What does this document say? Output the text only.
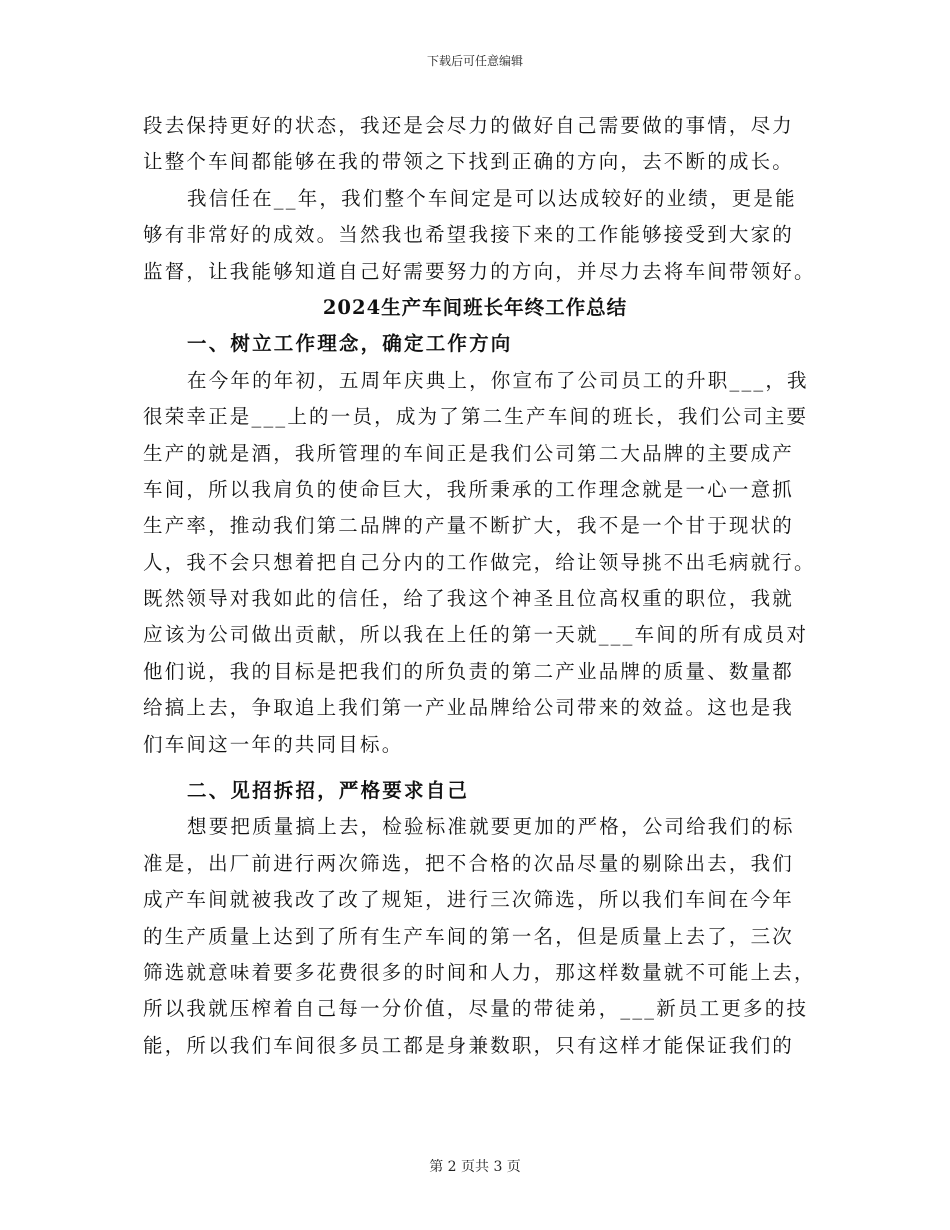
下载后可任意编辑
段去保持更好的状态，我还是会尽力的做好自己需要做的事情，尽力
让整个车间都能够在我的带领之下找到正确的方向，去不断的成长。
我信任在__年，我们整个车间定是可以达成较好的业绩，更是能
够有非常好的成效。当然我也希望我接下来的工作能够接受到大家的
监督，让我能够知道自己好需要努力的方向，并尽力去将车间带领好。
2024生产车间班长年终工作总结
一、树立工作理念，确定工作方向
在今年的年初，五周年庆典上，你宣布了公司员工的升职___，我
很荣幸正是___上的一员，成为了第二生产车间的班长，我们公司主要
生产的就是酒，我所管理的车间正是我们公司第二大品牌的主要成产
车间，所以我肩负的使命巨大，我所秉承的工作理念就是一心一意抓
生产率，推动我们第二品牌的产量不断扩大，我不是一个甘于现状的
人，我不会只想着把自己分内的工作做完，给让领导挑不出毛病就行。
既然领导对我如此的信任，给了我这个神圣且位高权重的职位，我就
应该为公司做出贡献，所以我在上任的第一天就___车间的所有成员对
他们说，我的目标是把我们的所负责的第二产业品牌的质量、数量都
给搞上去，争取追上我们第一产业品牌给公司带来的效益。这也是我
们车间这一年的共同目标。
二、见招拆招，严格要求自己
想要把质量搞上去，检验标准就要更加的严格，公司给我们的标
准是，出厂前进行两次筛选，把不合格的次品尽量的剔除出去，我们
成产车间就被我改了改了规矩，进行三次筛选，所以我们车间在今年
的生产质量上达到了所有生产车间的第一名，但是质量上去了，三次
筛选就意味着要多花费很多的时间和人力，那这样数量就不可能上去，
所以我就压榨着自己每一分价值，尽量的带徒弟，___新员工更多的技
能，所以我们车间很多员工都是身兼数职，只有这样才能保证我们的
第 2 页共 3 页
